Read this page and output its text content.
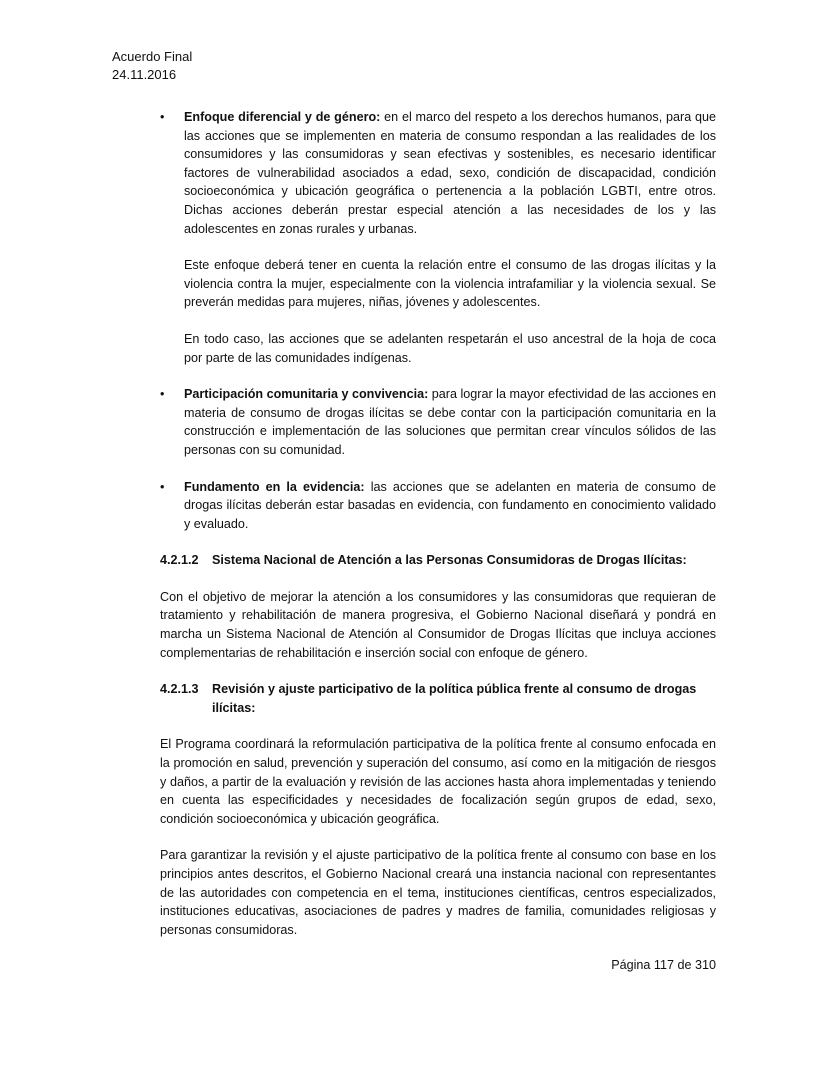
Acuerdo Final
24.11.2016
•	Enfoque diferencial y de género: en el marco del respeto a los derechos humanos, para que las acciones que se implementen en materia de consumo respondan a las realidades de los consumidores y las consumidoras y sean efectivas y sostenibles, es necesario identificar factores de vulnerabilidad asociados a edad, sexo, condición de discapacidad, condición socioeconómica y ubicación geográfica o pertenencia a la población LGBTI, entre otros. Dichas acciones deberán prestar especial atención a las necesidades de los y las adolescentes en zonas rurales y urbanas.

Este enfoque deberá tener en cuenta la relación entre el consumo de las drogas ilícitas y la violencia contra la mujer, especialmente con la violencia intrafamiliar y la violencia sexual. Se preverán medidas para mujeres, niñas, jóvenes y adolescentes.

En todo caso, las acciones que se adelanten respetarán el uso ancestral de la hoja de coca por parte de las comunidades indígenas.

•	Participación comunitaria y convivencia: para lograr la mayor efectividad de las acciones en materia de consumo de drogas ilícitas se debe contar con la participación comunitaria en la construcción e implementación de las soluciones que permitan crear vínculos sólidos de las personas con su comunidad.

•	Fundamento en la evidencia: las acciones que se adelanten en materia de consumo de drogas ilícitas deberán estar basadas en evidencia, con fundamento en conocimiento validado y evaluado.

4.2.1.2	Sistema Nacional de Atención a las Personas Consumidoras de Drogas Ilícitas:

Con el objetivo de mejorar la atención a los consumidores y las consumidoras que requieran de tratamiento y rehabilitación de manera progresiva, el Gobierno Nacional diseñará y pondrá en marcha un Sistema Nacional de Atención al Consumidor de Drogas Ilícitas que incluya acciones complementarias de rehabilitación e inserción social con enfoque de género.

4.2.1.3	Revisión y ajuste participativo de la política pública frente al consumo de drogas ilícitas:

El Programa coordinará la reformulación participativa de la política frente al consumo enfocada en la promoción en salud, prevención y superación del consumo, así como en la mitigación de riesgos y daños, a partir de la evaluación y revisión de las acciones hasta ahora implementadas y teniendo en cuenta las especificidades y necesidades de focalización según grupos de edad, sexo, condición socioeconómica y ubicación geográfica.

Para garantizar la revisión y el ajuste participativo de la política frente al consumo con base en los principios antes descritos, el Gobierno Nacional creará una instancia nacional con representantes de las autoridades con competencia en el tema, instituciones científicas, centros especializados, instituciones educativas, asociaciones de padres y madres de familia, comunidades religiosas y personas consumidoras.

Página 117 de 310
